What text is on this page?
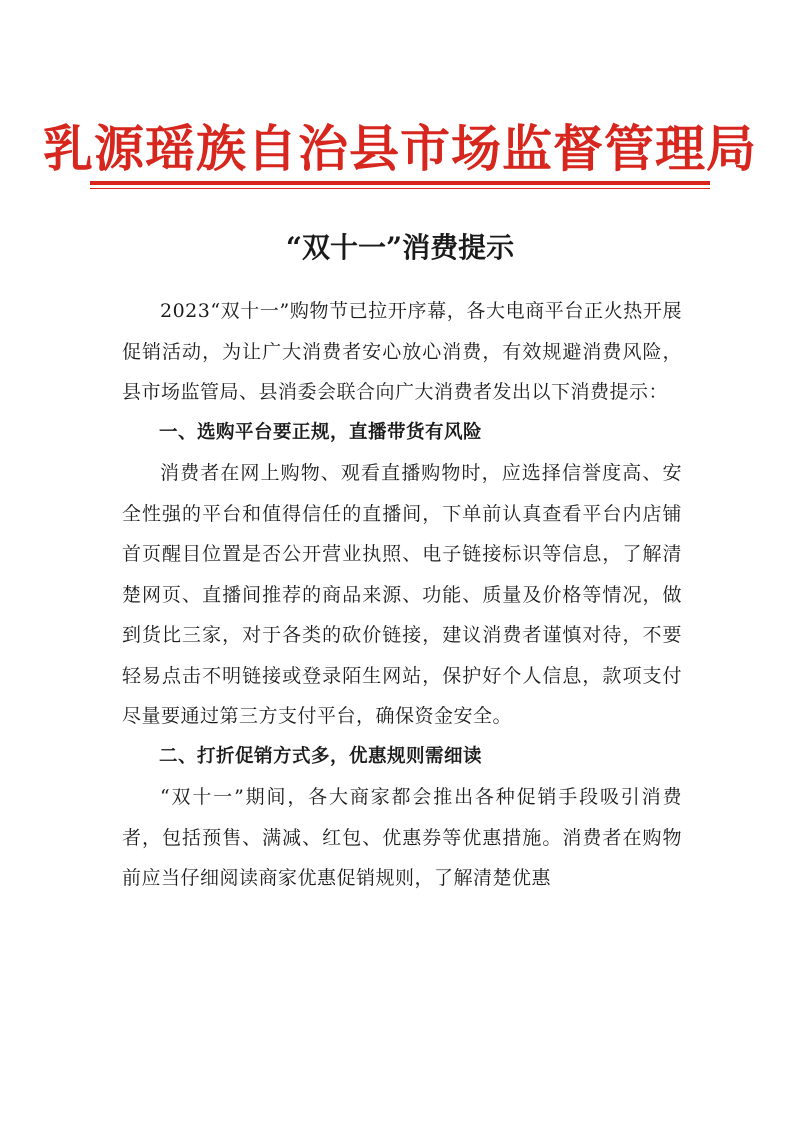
乳源瑶族自治县市场监督管理局
“双十一”消费提示

2023“双十一”购物节已拉开序幕，各大电商平台正火热开展促销活动，为让广大消费者安心放心消费，有效规避消费风险，县市场监管局、县消委会联合向广大消费者发出以下消费提示：

一、选购平台要正规，直播带货有风险

消费者在网上购物、观看直播购物时，应选择信誉度高、安全性强的平台和值得信任的直播间，下单前认真查看平台内店铺首页醒目位置是否公开营业执照、电子链接标识等信息，了解清楚网页、直播间推荐的商品来源、功能、质量及价格等情况，做到货比三家，对于各类的砍价链接，建议消费者谨慎对待，不要轻易点击不明链接或登录陌生网站，保护好个人信息，款项支付尽量要通过第三方支付平台，确保资金安全。

二、打折促销方式多，优惠规则需细读

“双十一”期间，各大商家都会推出各种促销手段吸引消费者，包括预售、满减、红包、优惠券等优惠措施。消费者在购物前应当仔细阅读商家优惠促销规则，了解清楚优惠
